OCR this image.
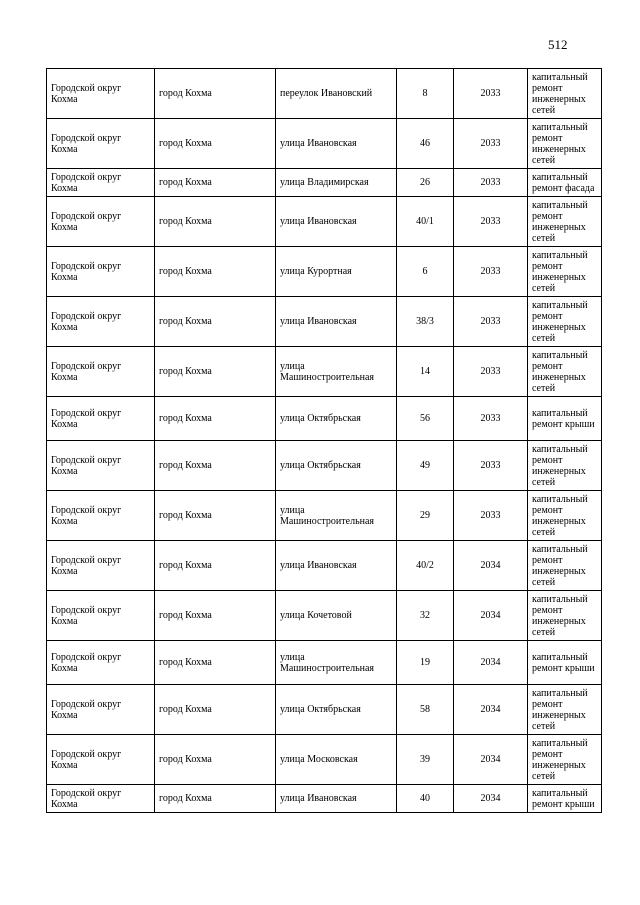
512
Городской округ Кохма	город Кохма	переулок Ивановский	8	2033	капитальный ремонт инженерных сетей
Городской округ Кохма	город Кохма	улица Ивановская	46	2033	капитальный ремонт инженерных сетей
Городской округ Кохма	город Кохма	улица Владимирская	26	2033	капитальный ремонт фасада
Городской округ Кохма	город Кохма	улица Ивановская	40/1	2033	капитальный ремонт инженерных сетей
Городской округ Кохма	город Кохма	улица Курортная	6	2033	капитальный ремонт инженерных сетей
Городской округ Кохма	город Кохма	улица Ивановская	38/3	2033	капитальный ремонт инженерных сетей
Городской округ Кохма	город Кохма	улица Машиностроительная	14	2033	капитальный ремонт инженерных сетей
Городской округ Кохма	город Кохма	улица Октябрьская	56	2033	капитальный ремонт крыши
Городской округ Кохма	город Кохма	улица Октябрьская	49	2033	капитальный ремонт инженерных сетей
Городской округ Кохма	город Кохма	улица Машиностроительная	29	2033	капитальный ремонт инженерных сетей
Городской округ Кохма	город Кохма	улица Ивановская	40/2	2034	капитальный ремонт инженерных сетей
Городской округ Кохма	город Кохма	улица Кочетовой	32	2034	капитальный ремонт инженерных сетей
Городской округ Кохма	город Кохма	улица Машиностроительная	19	2034	капитальный ремонт крыши
Городской округ Кохма	город Кохма	улица Октябрьская	58	2034	капитальный ремонт инженерных сетей
Городской округ Кохма	город Кохма	улица Московская	39	2034	капитальный ремонт инженерных сетей
Городской округ Кохма	город Кохма	улица Ивановская	40	2034	капитальный ремонт крыши
